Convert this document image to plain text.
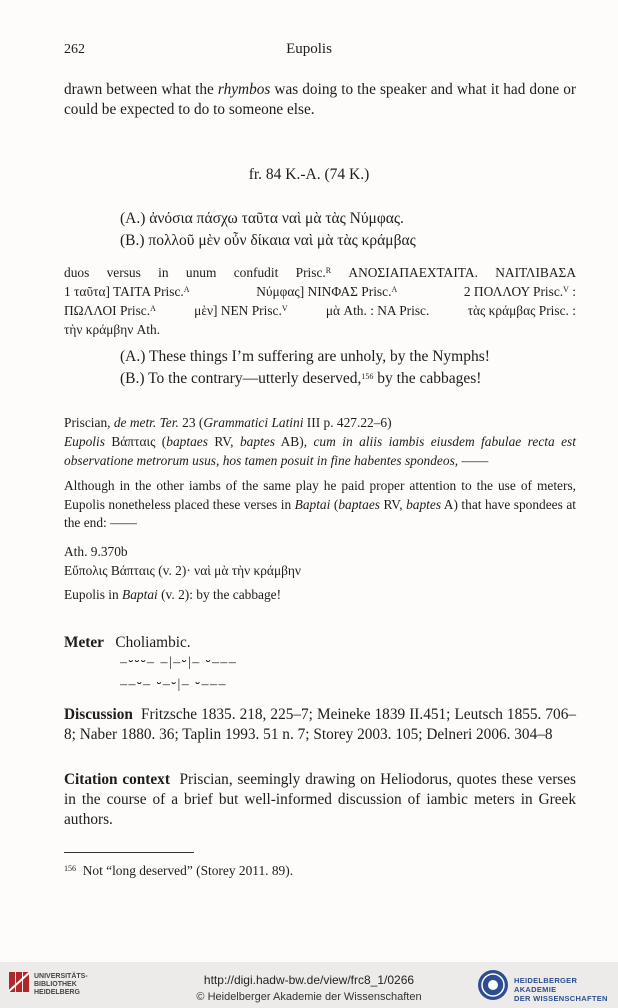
262	Eupolis
drawn between what the rhymbos was doing to the speaker and what it had done or could be expected to do to someone else.
fr. 84 K.-A. (74 K.)
(A.) ἀνόσια πάσχω ταῦτα ναὶ μὰ τὰς Νύμφας.
(B.) πολλοῦ μὲν οὖν δίκαια ναὶ μὰ τὰς κράμβας
duos versus in unum confudit Prisc.$^R$ ΑΝΟΣΙΑΠΑΕΧΤΑΙΤΑ. ΝΑΙΤΛΙΒΑΣΑ
1 ταῦτα] ΤΑΙΤΑ Prisc.$^A$	Νύμφας] ΝΙΝΦΑΣ Prisc.$^A$	2 ΠΟΛΛΟΥ Prisc.$^V$ :
ΠΩΛΛΟΙ Prisc.$^A$	μὲν] ΝΕΝ Prisc.$^V$	μὰ Ath. : ΝΑ Prisc.	τὰς κράμβας Prisc. :
τὴν κράμβην Ath.
(A.) These things I’m suffering are unholy, by the Nymphs!
(B.) To the contrary—utterly deserved,$^{156}$ by the cabbages!
Priscian, de metr. Ter. 23 (Grammatici Latini III p. 427.22–6)
Eupolis Βάπταις (baptaes RV, baptes AB), cum in aliis iambis eiusdem fabulae recta est observatione metrorum usus, hos tamen posuit in fine habentes spondeos, ——
Although in the other iambs of the same play he paid proper attention to the use of meters, Eupolis nonetheless placed these verses in Baptai (baptaes RV, baptes A) that have spondees at the end: ——
Ath. 9.370b
Εὔπολις Βάπταις (v. 2)· ναὶ μὰ τὴν κράμβην
Eupolis in Baptai (v. 2): by the cabbage!
Meter Choliambic.
–⏑⏑⏑– –|–⏑|– ⏑–––
––⏑– ⏑–⏑|– ⏑–––
Discussion Fritzsche 1835. 218, 225–7; Meineke 1839 II.451; Leutsch 1855. 706–8; Naber 1880. 36; Taplin 1993. 51 n. 7; Storey 2003. 105; Delneri 2006. 304–8
Citation context Priscian, seemingly drawing on Heliodorus, quotes these verses in the course of a brief but well-informed discussion of iambic meters in Greek authors.
$^{156}$ Not “long deserved” (Storey 2011. 89).
UNIVERSITÄTS-
BIBLIOTHEK
HEIDELBERG
http://digi.hadw-bw.de/view/frc8_1/0266
© Heidelberger Akademie der Wissenschaften
HEIDELBERGER AKADEMIE
DER WISSENSCHAFTEN
